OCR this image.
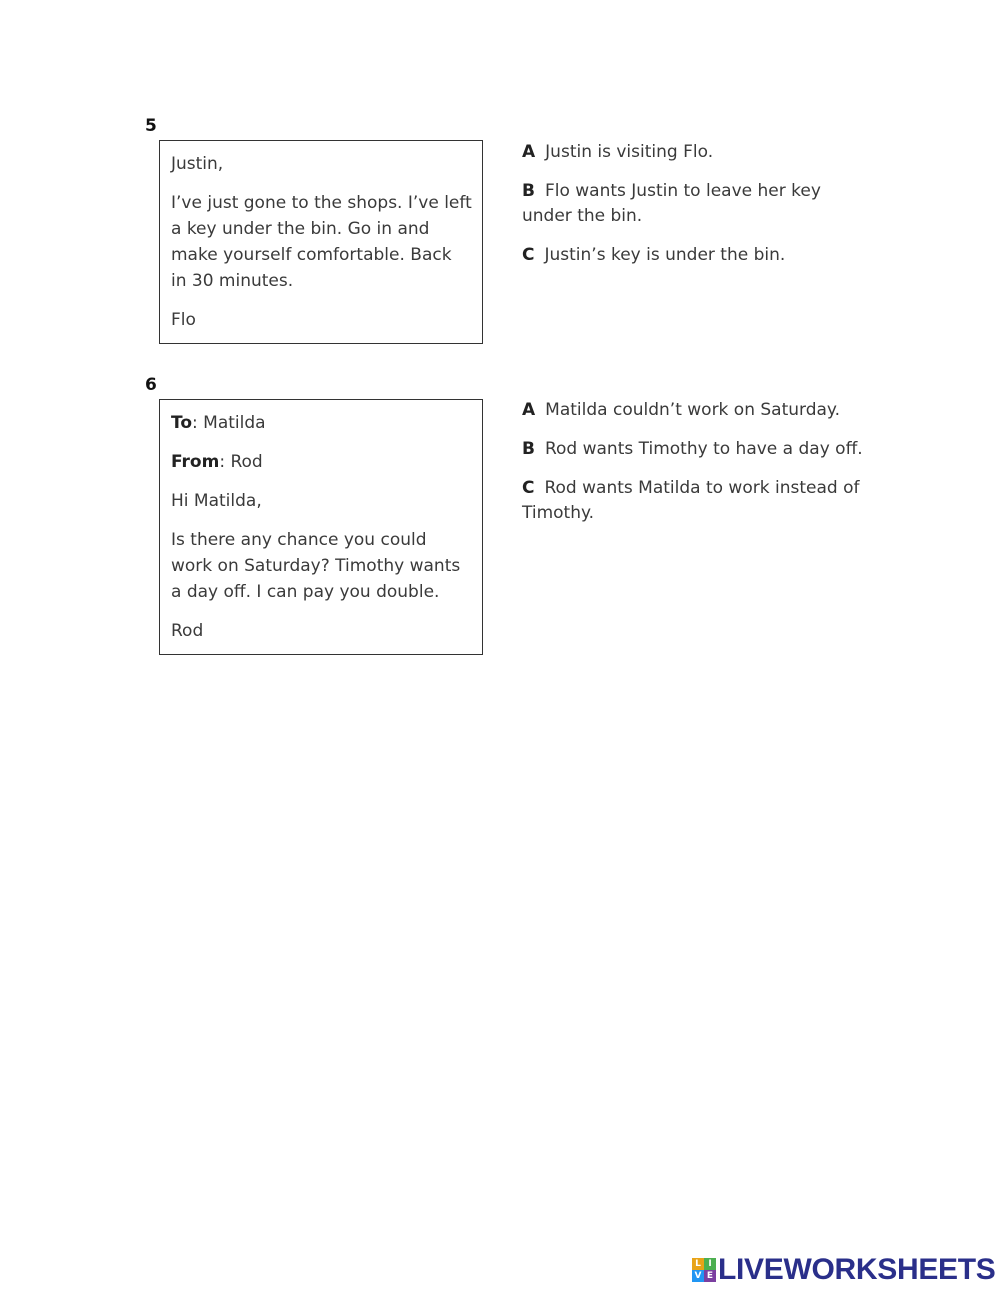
5

Justin,

I’ve just gone to the shops. I’ve left a key under the bin. Go in and make yourself comfortable. Back in 30 minutes.

Flo

A Justin is visiting Flo.
B Flo wants Justin to leave her key under the bin.
C Justin’s key is under the bin.
6

To: Matilda

From: Rod

Hi Matilda,

Is there any chance you could work on Saturday? Timothy wants a day off. I can pay you double.

Rod

A Matilda couldn’t work on Saturday.
B Rod wants Timothy to have a day off.
C Rod wants Matilda to work instead of Timothy.
L I
V E LIVEWORKSHEETS
